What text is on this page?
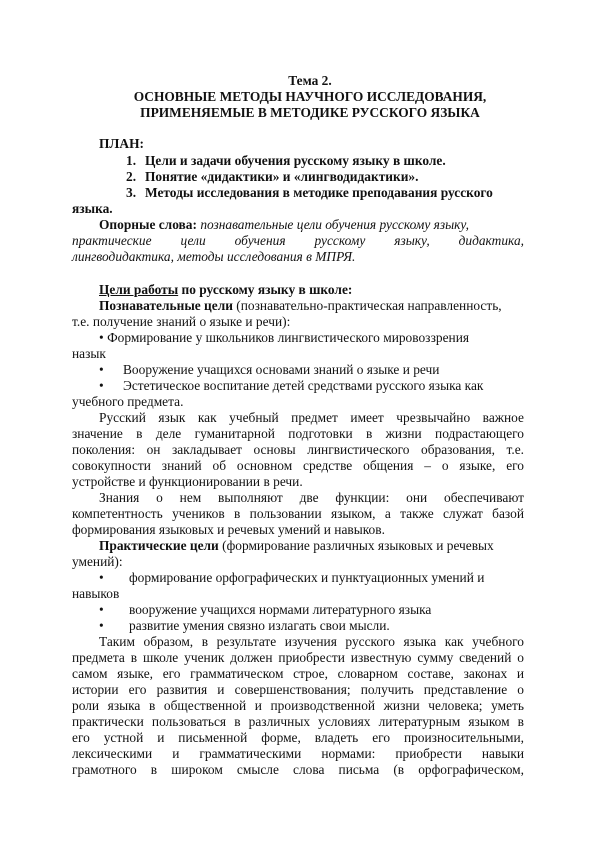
Тема 2.
ОСНОВНЫЕ МЕТОДЫ НАУЧНОГО ИССЛЕДОВАНИЯ,
ПРИМЕНЯЕМЫЕ В МЕТОДИКЕ РУССКОГО ЯЗЫКА
ПЛАН:
1. Цели и задачи обучения русскому языку в школе.
2. Понятие «дидактики» и «лингводидактики».
3. Методы исследования в методике преподавания русского
языка.
Опорные слова: познавательные цели обучения русскому языку,
практические цели обучения русскому языку, дидактика,
лингводидактика, методы исследования в МПРЯ.
Цели работы по русскому языку в школе:
Познавательные цели (познавательно-практическая направленность,
т.е. получение знаний о языке и речи):
• Формирование у школьников лингвистического мировоззрения
назык
• Вооружение учащихся основами знаний о языке и речи
• Эстетическое воспитание детей средствами русского языка как
учебного предмета.
Русский язык как учебный предмет имеет чрезвычайно важное
значение в деле гуманитарной подготовки в жизни подрастающего
поколения: он закладывает основы лингвистического образования, т.е.
совокупности знаний об основном средстве общения – о языке, его
устройстве и функционировании в речи.
Знания о нем выполняют две функции: они обеспечивают
компетентность учеников в пользовании языком, а также служат базой
формирования языковых и речевых умений и навыков.
Практические цели (формирование различных языковых и речевых
умений):
• формирование орфографических и пунктуационных умений и
навыков
• вооружение учащихся нормами литературного языка
• развитие умения связно излагать свои мысли.
Таким образом, в результате изучения русского языка как учебного
предмета в школе ученик должен приобрести известную сумму сведений о
самом языке, его грамматическом строе, словарном составе, законах и
истории его развития и совершенствования; получить представление о
роли языка в общественной и производственной жизни человека; уметь
практически пользоваться в различных условиях литературным языком в
его устной и письменной форме, владеть его произносительными,
лексическими и грамматическими нормами: приобрести навыки
грамотного в широком смысле слова письма (в орфографическом,
